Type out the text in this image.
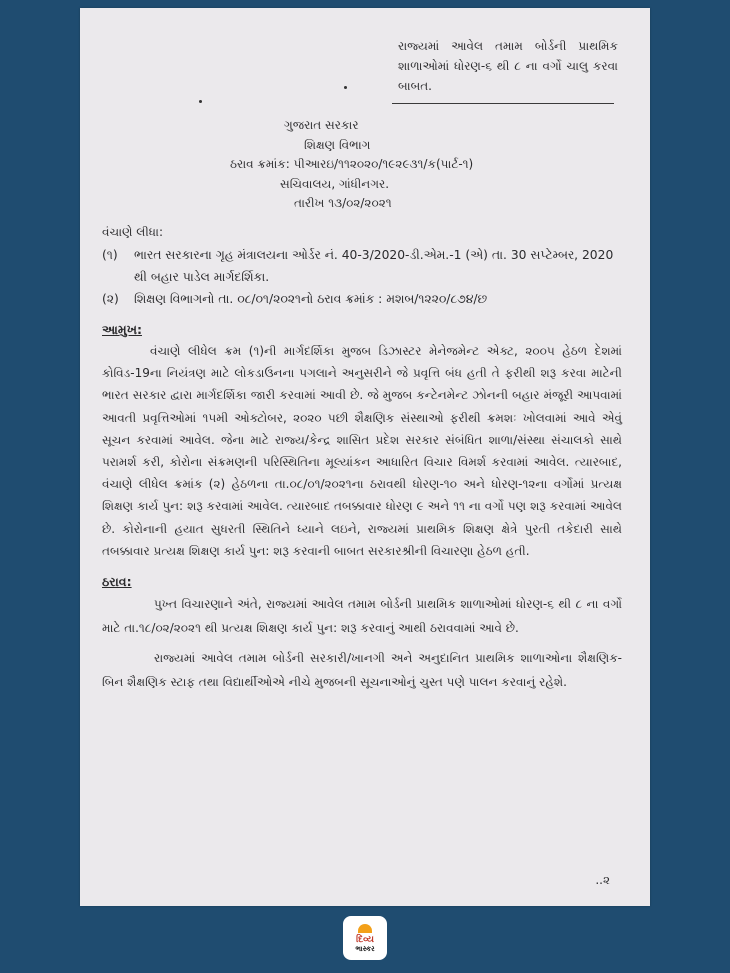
રાજ્યમાં આવેલ તમામ બોર્ડની પ્રાથમિક શાળાઓમાં ધોરણ-૬ થી ૮ ના વર્ગો ચાલુ કરવા બાબત.
ગુજરાત સરકાર
શિક્ષણ વિભાગ
ઠરાવ ક્રમાંક: પીઆરઇ/૧૧૨૦૨૦/૧૯૨૯૩૧/ક(પાર્ટ-૧)
સચિવાલય, ગાંધીનગર.
તારીખ ૧૩/૦૨/૨૦૨૧
વંચાણે લીધા:
(૧)	ભારત સરકારના ગૃહ મંત્રાલયના ઓર્ડર નં. 40-3/2020-ડી.એમ.-1 (એ) તા. 30 સપ્ટેમ્બર, 2020 થી બહાર પાડેલ માર્ગદર્શિકા.
(૨)	શિક્ષણ વિભાગનો તા. ૦૮/૦૧/૨૦૨૧નો ઠરાવ ક્રમાંક : મશબ/૧૨૨૦/૮૭૪/છ
આમુખ:

વંચાણે લીધેલ ક્રમ (૧)ની માર્ગદર્શિકા મુજબ ડિઝાસ્ટર મેનેજમેન્ટ એક્ટ, ૨૦૦૫ હેઠળ દેશમાં કોવિડ-19ના નિયંત્રણ માટે લોકડાઉનના પગલાને અનુસરીને જે પ્રવૃત્તિ બંધ હતી તે ફરીથી શરૂ કરવા માટેની ભારત સરકાર દ્વારા માર્ગદર્શિકા જારી કરવામાં આવી છે. જે મુજબ કન્ટેનમેન્ટ ઝોનની બહાર મંજૂરી આપવામાં આવતી પ્રવૃત્તિઓમાં ૧૫મી ઓક્ટોબર, ૨૦૨૦ પછી શૈક્ષણિક સંસ્થાઓ ફરીથી ક્રમશઃ ખોલવામાં આવે એવું સૂચન કરવામાં આવેલ. જેના માટે રાજ્ય/કેન્દ્ર શાસિત પ્રદેશ સરકાર સંબંધિત શાળા/સંસ્થા સંચાલકો સાથે પરામર્શ કરી, કોરોના સંક્રમણની પરિસ્થિતિના મૂલ્યાંકન આધારિત વિચાર વિમર્શ કરવામાં આવેલ. ત્યારબાદ, વંચાણે લીધેલ ક્રમાંક (૨) હેઠળના તા.૦૮/૦૧/૨૦૨૧ના ઠરાવથી ધોરણ-૧૦ અને ધોરણ-૧૨ના વર્ગોમાં પ્રત્યક્ષ શિક્ષણ કાર્ય પુન: શરૂ કરવામાં આવેલ. ત્યારબાદ તબક્કાવાર ધોરણ ૯ અને ૧૧ ના વર્ગો પણ શરૂ કરવામાં આવેલ છે. કોરોનાની હયાત સુધરતી સ્થિતિને ધ્યાને લઇને, રાજ્યમાં પ્રાથમિક શિક્ષણ ક્ષેત્રે પુરતી તકેદારી સાથે તબક્કાવાર પ્રત્યક્ષ શિક્ષણ કાર્ય પુન: શરૂ કરવાની બાબત સરકારશ્રીની વિચારણા હેઠળ હતી.

ઠરાવ:

પુખ્ત વિચારણાને અંતે, રાજ્યમાં આવેલ તમામ બોર્ડની પ્રાથમિક શાળાઓમાં ધોરણ-૬ થી ૮ ના વર્ગો માટે તા.૧૮/૦૨/૨૦૨૧ થી પ્રત્યક્ષ શિક્ષણ કાર્ય પુન: શરૂ કરવાનું આથી ઠરાવવામાં આવે છે.

રાજ્યમાં આવેલ તમામ બોર્ડની સરકારી/ખાનગી અને અનુદાનિત પ્રાથમિક શાળાઓના શૈક્ષણિક-બિન શૈક્ષણિક સ્ટાફ તથા વિદ્યાર્થીઓએ નીચે મુજબની સૂચનાઓનું ચુસ્ત પણે પાલન કરવાનું રહેશે.

..૨
દિવ્ય
ભાસ્કર
